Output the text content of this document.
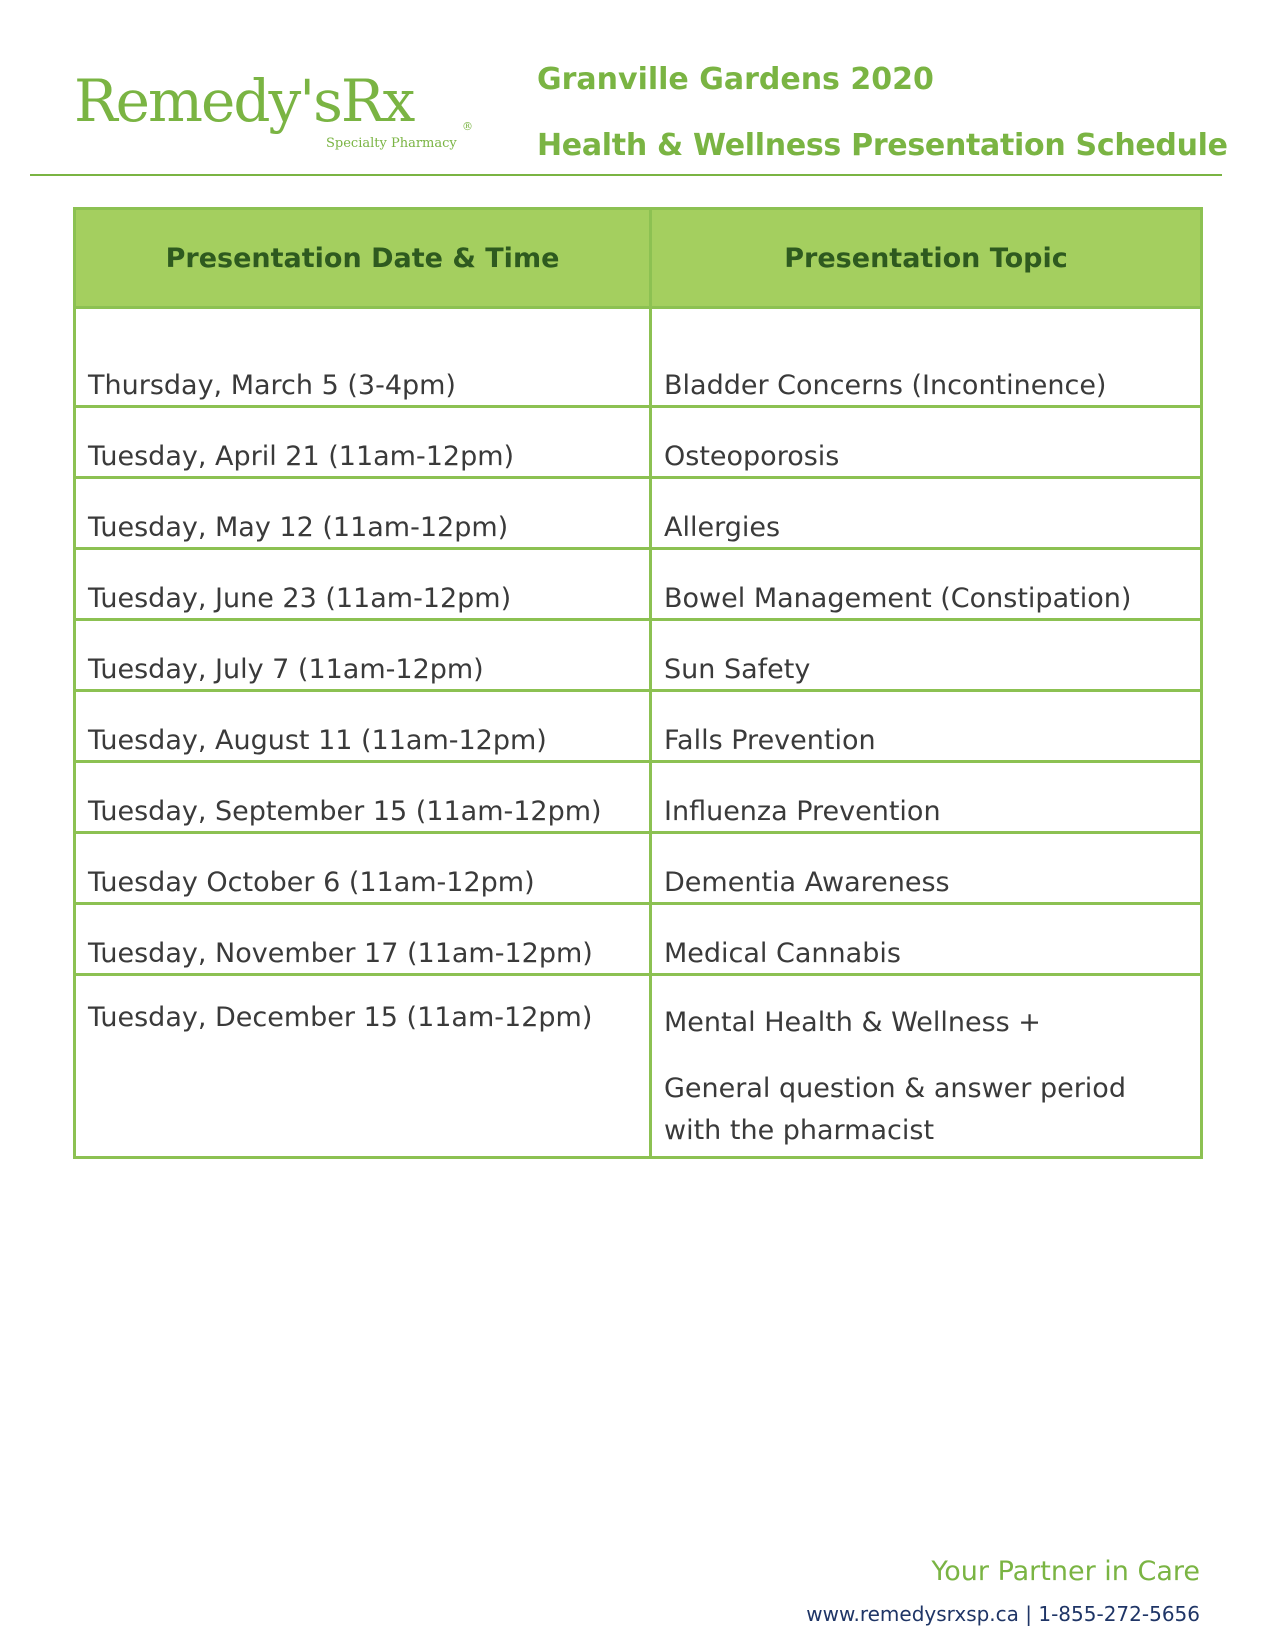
Remedy'sRx	®
Specialty Pharmacy
Granville Gardens 2020
Health & Wellness Presentation Schedule
Presentation Date & Time	Presentation Topic
Thursday, March 5 (3-4pm)	Bladder Concerns (Incontinence)
Tuesday, April 21 (11am-12pm)	Osteoporosis
Tuesday, May 12 (11am-12pm)	Allergies
Tuesday, June 23 (11am-12pm)	Bowel Management (Constipation)
Tuesday, July 7 (11am-12pm)	Sun Safety
Tuesday, August 11 (11am-12pm)	Falls Prevention
Tuesday, September 15 (11am-12pm)	Influenza Prevention
Tuesday October 6 (11am-12pm)	Dementia Awareness
Tuesday, November 17 (11am-12pm)	Medical Cannabis
Tuesday, December 15 (11am-12pm)	Mental Health & Wellness +
General question & answer period with the pharmacist
Your Partner in Care
www.remedysrxsp.ca | 1-855-272-5656
